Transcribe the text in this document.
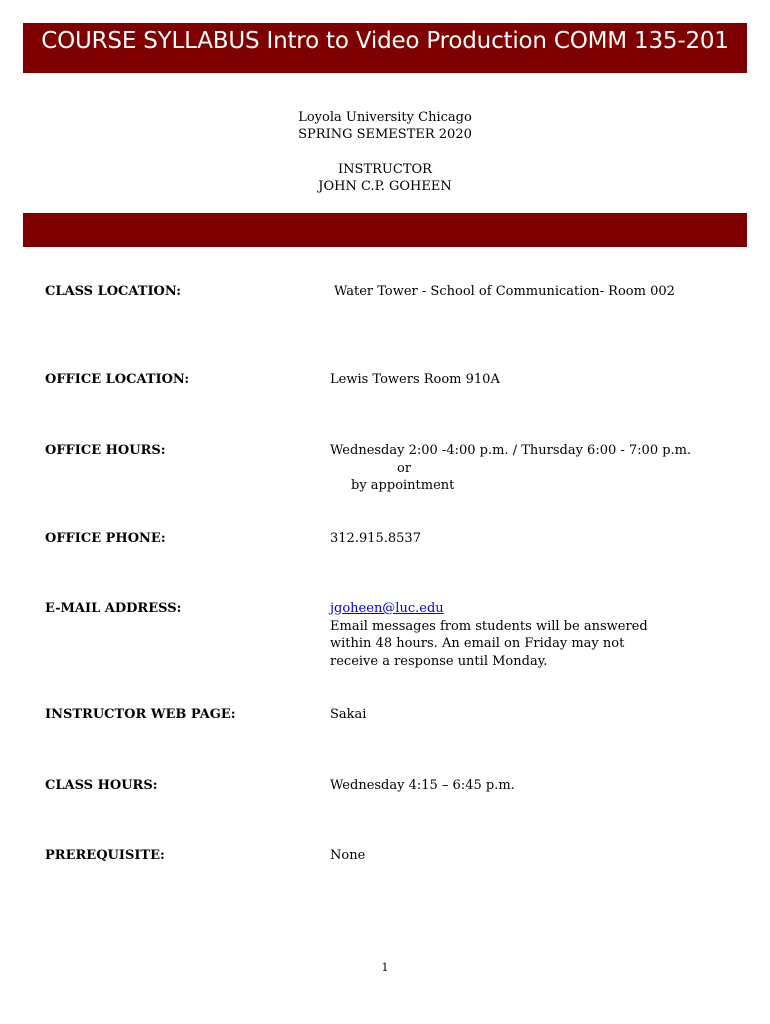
COURSE SYLLABUS Intro to Video Production COMM 135-201
Loyola University Chicago
SPRING SEMESTER 2020
INSTRUCTOR
JOHN C.P. GOHEEN
CLASS LOCATION:	Water Tower - School of Communication- Room 002
OFFICE LOCATION:	Lewis Towers Room 910A
OFFICE HOURS:	Wednesday 2:00 -4:00 p.m. / Thursday 6:00 - 7:00 p.m.
or
by appointment
OFFICE PHONE:	312.915.8537
E-MAIL ADDRESS:	jgoheen@luc.edu
Email messages from students will be answered
within 48 hours. An email on Friday may not
receive a response until Monday.
INSTRUCTOR WEB PAGE:	Sakai
CLASS HOURS:	Wednesday 4:15 – 6:45 p.m.
PREREQUISITE:	None
1
